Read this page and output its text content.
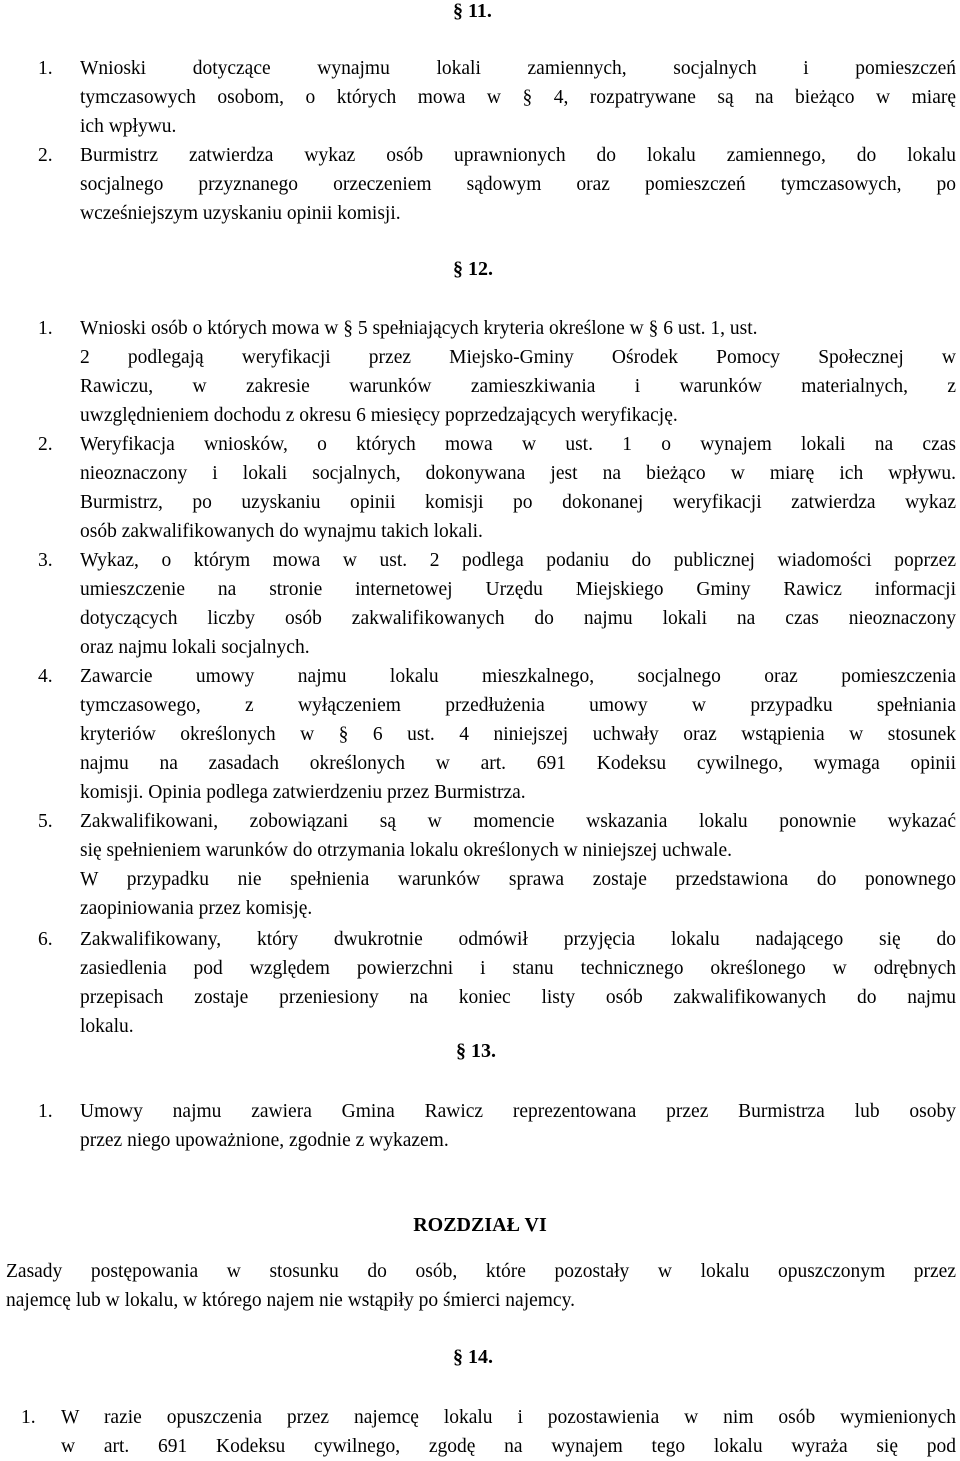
§ 11.
1. Wnioski dotyczące wynajmu lokali zamiennych, socjalnych i pomieszczeń
tymczasowych osobom, o których mowa w § 4, rozpatrywane są na bieżąco w miarę
ich wpływu.
2. Burmistrz zatwierdza wykaz osób uprawnionych do lokalu zamiennego, do lokalu
socjalnego przyznanego orzeczeniem sądowym oraz pomieszczeń tymczasowych, po
wcześniejszym uzyskaniu opinii komisji.
§ 12.
1. Wnioski osób o których mowa w § 5 spełniających kryteria określone w § 6 ust. 1, ust.
2 podlegają weryfikacji przez Miejsko-Gminy Ośrodek Pomocy Społecznej w
Rawiczu, w zakresie warunków zamieszkiwania i warunków materialnych, z
uwzględnieniem dochodu z okresu 6 miesięcy poprzedzających weryfikację.
2. Weryfikacja wniosków, o których mowa w ust. 1 o wynajem lokali na czas
nieoznaczony i lokali socjalnych, dokonywana jest na bieżąco w miarę ich wpływu.
Burmistrz, po uzyskaniu opinii komisji po dokonanej weryfikacji zatwierdza wykaz
osób zakwalifikowanych do wynajmu takich lokali.
3. Wykaz, o którym mowa w ust. 2 podlega podaniu do publicznej wiadomości poprzez
umieszczenie na stronie internetowej Urzędu Miejskiego Gminy Rawicz informacji
dotyczących liczby osób zakwalifikowanych do najmu lokali na czas nieoznaczony
oraz najmu lokali socjalnych.
4. Zawarcie umowy najmu lokalu mieszkalnego, socjalnego oraz pomieszczenia
tymczasowego, z wyłączeniem przedłużenia umowy w przypadku spełniania
kryteriów określonych w § 6 ust. 4 niniejszej uchwały oraz wstąpienia w stosunek
najmu na zasadach określonych w art. 691 Kodeksu cywilnego, wymaga opinii
komisji. Opinia podlega zatwierdzeniu przez Burmistrza.
5. Zakwalifikowani, zobowiązani są w momencie wskazania lokalu ponownie wykazać
się spełnieniem warunków do otrzymania lokalu określonych w niniejszej uchwale.
W przypadku nie spełnienia warunków sprawa zostaje przedstawiona do ponownego
zaopiniowania przez komisję.
6. Zakwalifikowany, który dwukrotnie odmówił przyjęcia lokalu nadającego się do
zasiedlenia pod względem powierzchni i stanu technicznego określonego w odrębnych
przepisach zostaje przeniesiony na koniec listy osób zakwalifikowanych do najmu
lokalu.
§ 13.
1. Umowy najmu zawiera Gmina Rawicz reprezentowana przez Burmistrza lub osoby
przez niego upoważnione, zgodnie z wykazem.
ROZDZIAŁ VI
Zasady postępowania w stosunku do osób, które pozostały w lokalu opuszczonym przez
najemcę lub w lokalu, w którego najem nie wstąpiły po śmierci najemcy.
§ 14.
1. W razie opuszczenia przez najemcę lokalu i pozostawienia w nim osób wymienionych
w art. 691 Kodeksu cywilnego, zgodę na wynajem tego lokalu wyraża się pod
